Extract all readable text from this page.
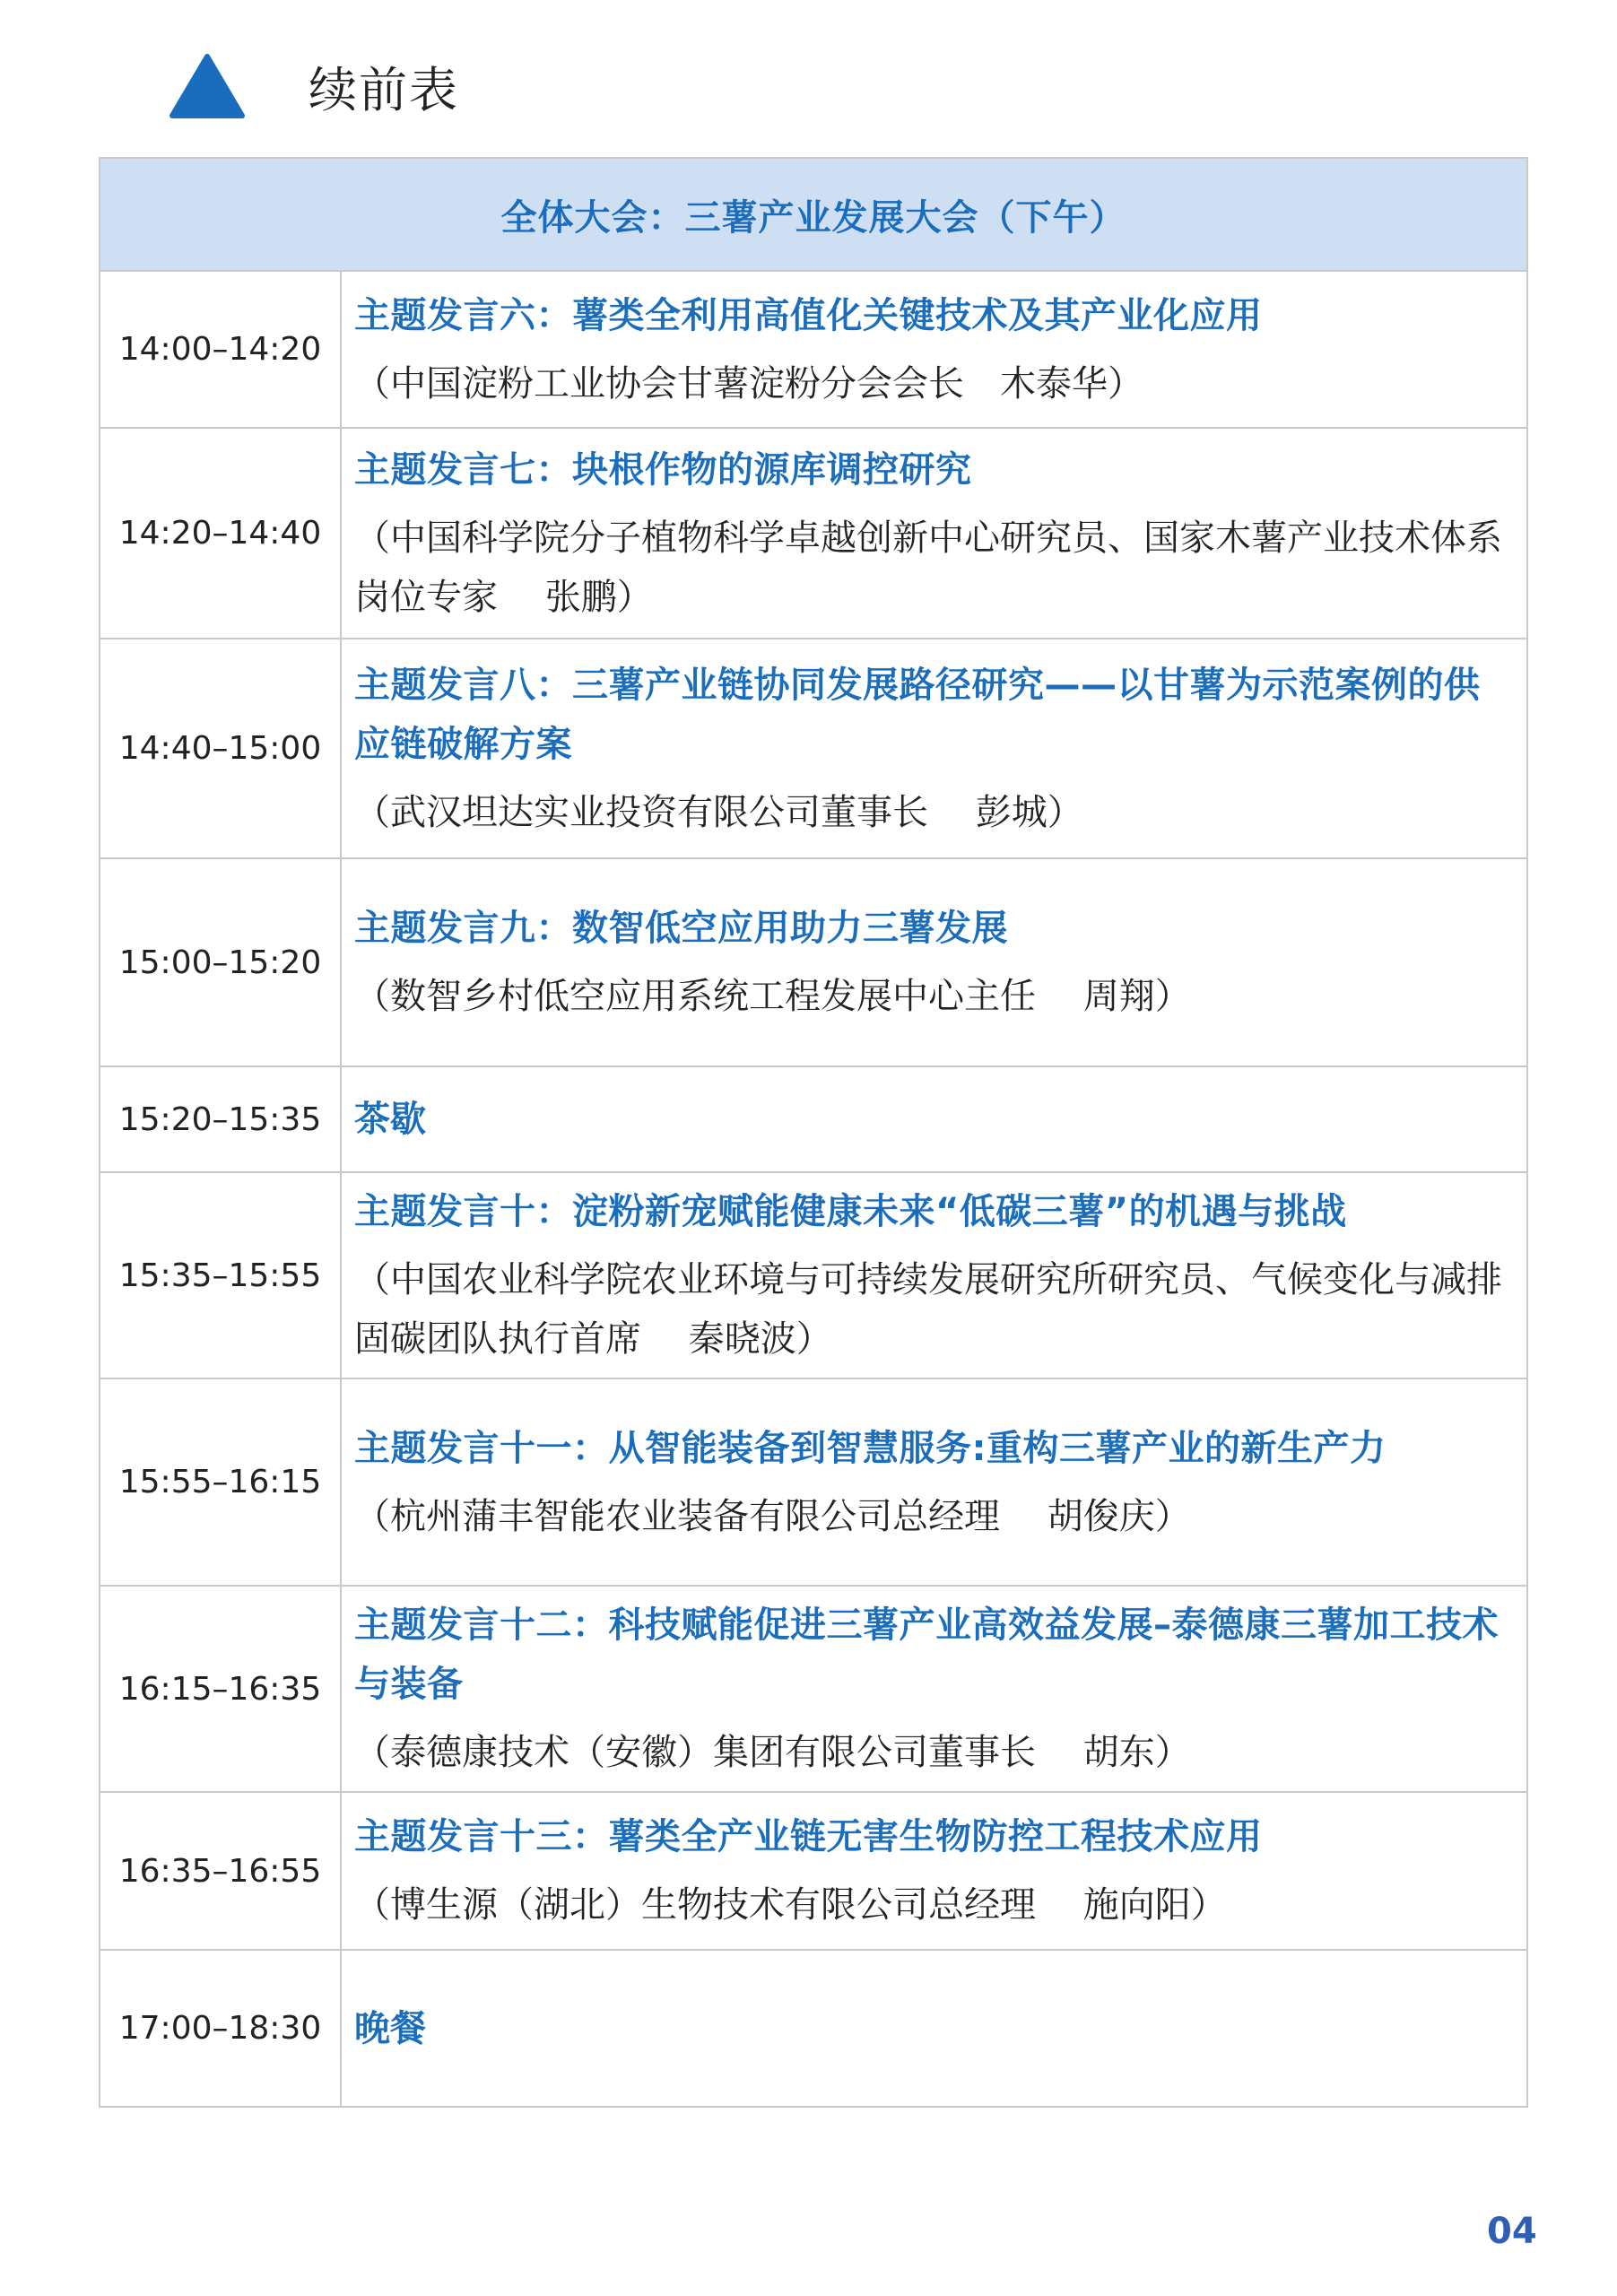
续前表
全体大会：三薯产业发展大会（下午）	
14:00–14:20	主题发言六：薯类全利用高值化关键技术及其产业化应用
（中国淀粉工业协会甘薯淀粉分会会长　木泰华）

14:20–14:40	主题发言七：块根作物的源库调控研究
（中国科学院分子植物科学卓越创新中心研究员、国家木薯产业技术体系岗位专家　 张鹏）

14:40–15:00	主题发言八：三薯产业链协同发展路径研究——以甘薯为示范案例的供应链破解方案
（武汉坦达实业投资有限公司董事长　 彭城）

15:00–15:20	主题发言九：数智低空应用助力三薯发展
（数智乡村低空应用系统工程发展中心主任　 周翔）

15:20–15:35	茶歇

15:35–15:55	主题发言十：淀粉新宠赋能健康未来“低碳三薯”的机遇与挑战
（中国农业科学院农业环境与可持续发展研究所研究员、气候变化与减排固碳团队执行首席　 秦晓波）

15:55–16:15	主题发言十一：从智能装备到智慧服务:重构三薯产业的新生产力
（杭州蒲丰智能农业装备有限公司总经理　 胡俊庆）

16:15–16:35	主题发言十二：科技赋能促进三薯产业高效益发展–泰德康三薯加工技术与装备
（泰德康技术（安徽）集团有限公司董事长　 胡东）

16:35–16:55	主题发言十三：薯类全产业链无害生物防控工程技术应用
（博生源（湖北）生物技术有限公司总经理　 施向阳）

17:00–18:30	晚餐
04
